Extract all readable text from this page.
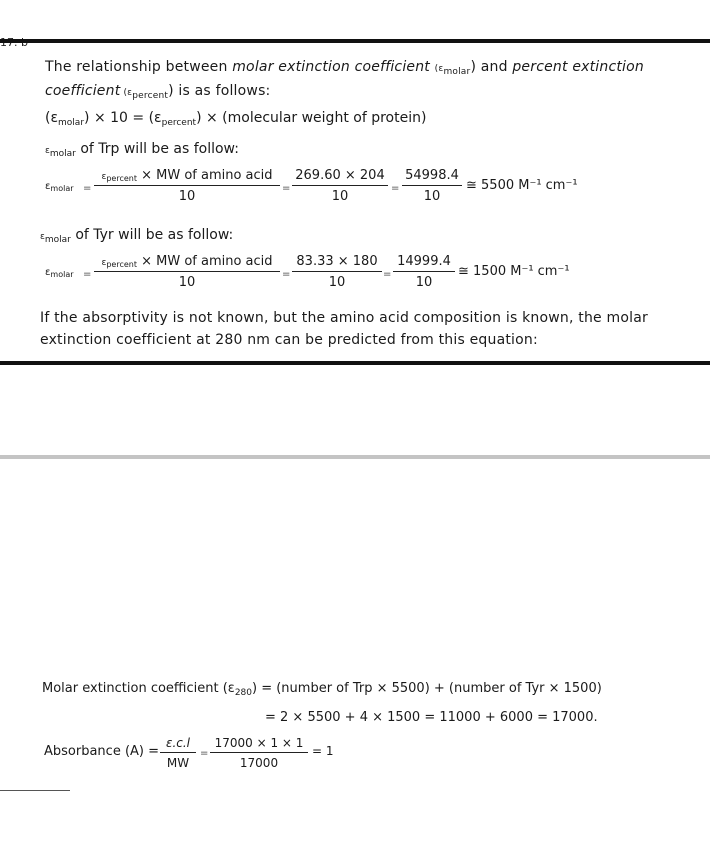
The relationship between molar extinction coefficient $(\varepsilon_{molar})$ and percent extinction
coefficient $(\varepsilon_{percent})$ is as follows:
$(\varepsilon_{molar}) \times 10 = (\varepsilon_{percent})$ × (molecular weight of protein)
$\varepsilon_{molar}$ of Trp will be as follow:
$\varepsilon_{molar}$ =
εpercent × MW of amino acid
10
= $\frac{269.60 \times 204}{10} = \frac{54998.4}{10}$ ≅ 5500 M⁻¹ cm⁻¹
$\varepsilon_{molar}$ of Tyr will be as follow:
$\varepsilon_{molar}$ =
εpercent × MW of amino acid
10
= $\frac{83.33 \times 180}{10} = \frac{14999.4}{10}$ ≅ 1500 M⁻¹ cm⁻¹
If the absorptivity is not known, but the amino acid composition is known, the molar extinction coefficient at 280 nm can be predicted from this equation:
Molar extinction coefficient $(\varepsilon_{280})$ = (number of Trp × 5500) + (number of Tyr × 1500)
= 2 × 5500 + 4 × 1500 = 11000 + 6000 = 17000.
Absorbance $(A) = \frac{\varepsilon.c.l}{MW} = \frac{17000 \times 1 \times 1}{17000} = 1$
